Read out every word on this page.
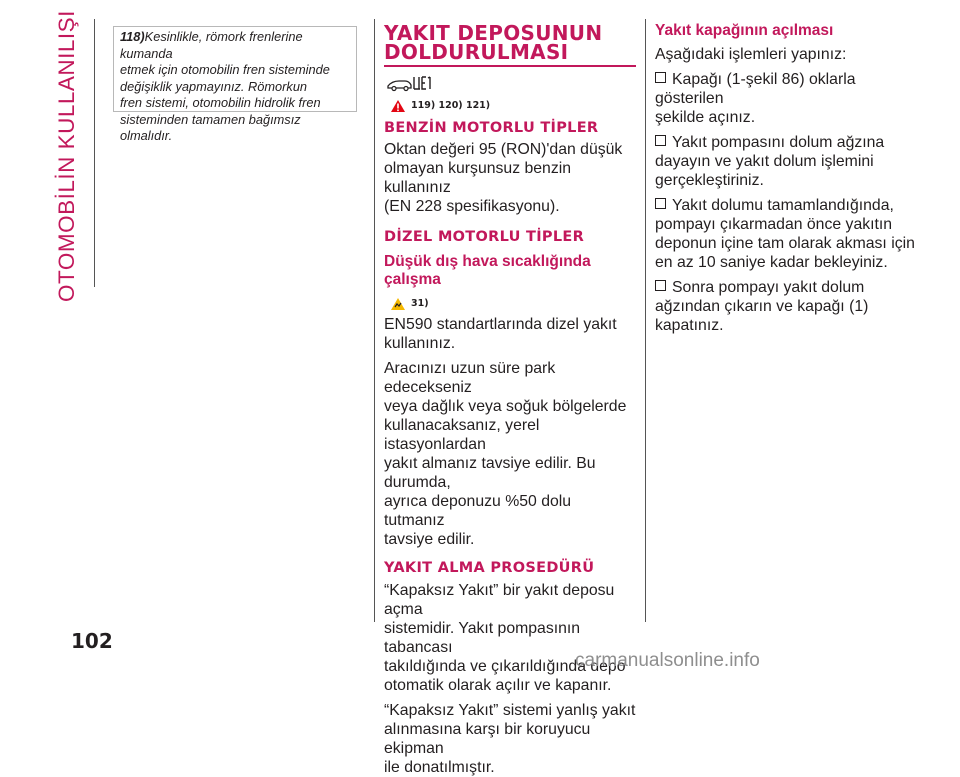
OTOMOBİLİN KULLANILIŞI
102
118)Kesinlikle, römork frenlerine kumanda
etmek için otomobilin fren sisteminde
değişiklik yapmayınız. Römorkun
fren sistemi, otomobilin hidrolik fren
sisteminden tamamen bağımsız olmalıdır.
YAKIT DEPOSUNUN
DOLDURULMASI
119) 120) 121)
BENZİN MOTORLU TİPLER

Oktan değeri 95 (RON)'dan düşük

olmayan kurşunsuz benzin kullanınız

(EN 228 spesifikasyonu).

DİZEL MOTORLU TİPLER
Düşük dış hava sıcaklığında çalışma
31)

EN590 standartlarında dizel yakıt

kullanınız.

Aracınızı uzun süre park edecekseniz

veya dağlık veya soğuk bölgelerde

kullanacaksanız, yerel istasyonlardan

yakıt almanız tavsiye edilir. Bu durumda,

ayrıca deponuzu %50 dolu tutmanız

tavsiye edilir.

YAKIT ALMA PROSEDÜRÜ

“Kapaksız Yakıt” bir yakıt deposu açma

sistemidir. Yakıt pompasının tabancası

takıldığında ve çıkarıldığında depo

otomatik olarak açılır ve kapanır.

“Kapaksız Yakıt” sistemi yanlış yakıt

alınmasına karşı bir koruyucu ekipman

ile donatılmıştır.

Yakıt kapağının açılması

Aşağıdaki işlemleri yapınız:

Kapağı (1-şekil 86) oklarla gösterilen

şekilde açınız.

Yakıt pompasını dolum ağzına

dayayın ve yakıt dolum işlemini

gerçekleştiriniz.

Yakıt dolumu tamamlandığında,

pompayı çıkarmadan önce yakıtın

deponun içine tam olarak akması için

en az 10 saniye kadar bekleyiniz.

Sonra pompayı yakıt dolum

ağzından çıkarın ve kapağı (1) kapatınız.

carmanualsonline.info
